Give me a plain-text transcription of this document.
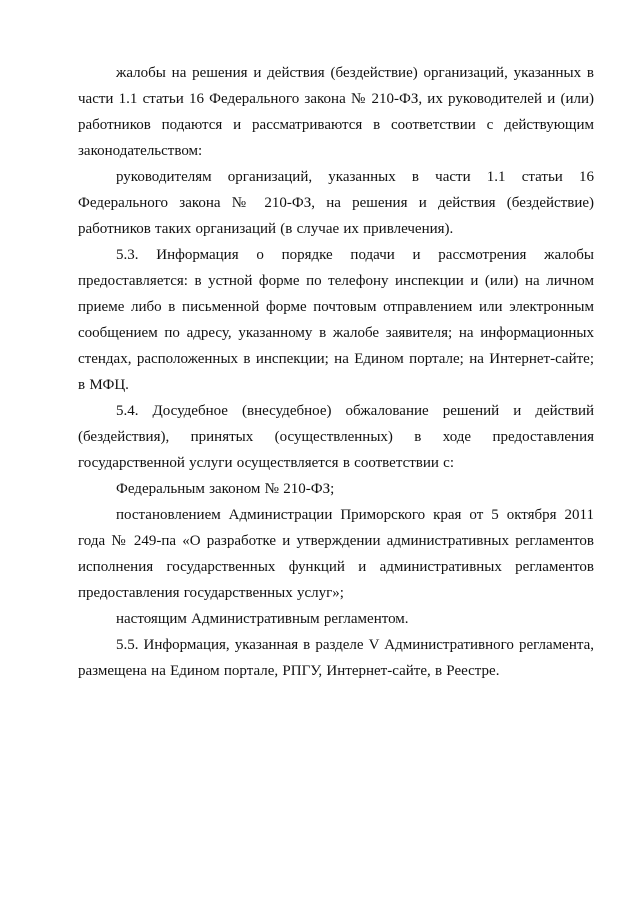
жалобы на решения и действия (бездействие) организаций, указанных в части 1.1 статьи 16 Федерального закона № 210-ФЗ, их руководителей и (или) работников подаются и рассматриваются в соответствии с действующим законодательством:

руководителям организаций, указанных в части 1.1 статьи 16 Федерального закона № 210-ФЗ, на решения и действия (бездействие) работников таких организаций (в случае их привлечения).

5.3. Информация о порядке подачи и рассмотрения жалобы предоставляется: в устной форме по телефону инспекции и (или) на личном приеме либо в письменной форме почтовым отправлением или электронным сообщением по адресу, указанному в жалобе заявителя; на информационных стендах, расположенных в инспекции; на Едином портале; на Интернет-сайте; в МФЦ.

5.4. Досудебное (внесудебное) обжалование решений и действий (бездействия), принятых (осуществленных) в ходе предоставления государственной услуги осуществляется в соответствии с:

Федеральным законом № 210-ФЗ;

постановлением Администрации Приморского края от 5 октября 2011 года № 249-па «О разработке и утверждении административных регламентов исполнения государственных функций и административных регламентов предоставления государственных услуг»;

настоящим Административным регламентом.

5.5. Информация, указанная в разделе V Административного регламента, размещена на Едином портале, РПГУ, Интернет-сайте, в Реестре.
